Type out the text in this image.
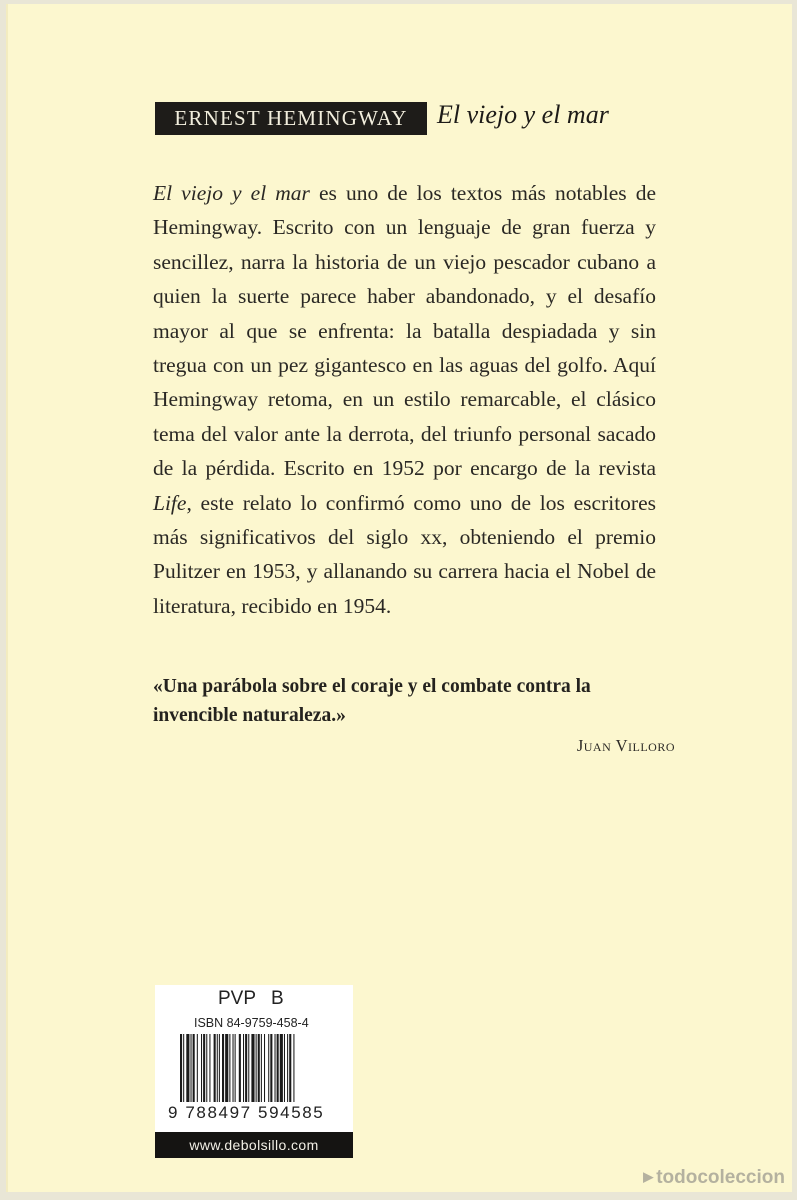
ERNEST HEMINGWAY El viejo y el mar

El viejo y el mar es uno de los textos más notables de Hemingway. Escrito con un lenguaje de gran fuerza y sencillez, narra la historia de un viejo pescador cubano a quien la suerte parece haber abandonado, y el desafío mayor al que se enfrenta: la batalla despiadada y sin tregua con un pez gigantesco en las aguas del golfo. Aquí Hemingway retoma, en un estilo remarcable, el clásico tema del valor ante la derrota, del triunfo personal sacado de la pérdida. Escrito en 1952 por encargo de la revista Life, este relato lo confirmó como uno de los escritores más significativos del siglo xx, obteniendo el premio Pulitzer en 1953, y allanando su carrera hacia el Nobel de literatura, recibido en 1954.

«Una parábola sobre el coraje y el combate contra la invencible naturaleza.»
Juan Villoro
PVP B
ISBN 84-9759-458-4
9 788497 594585
www.debolsillo.com
▶ todocoleccion
